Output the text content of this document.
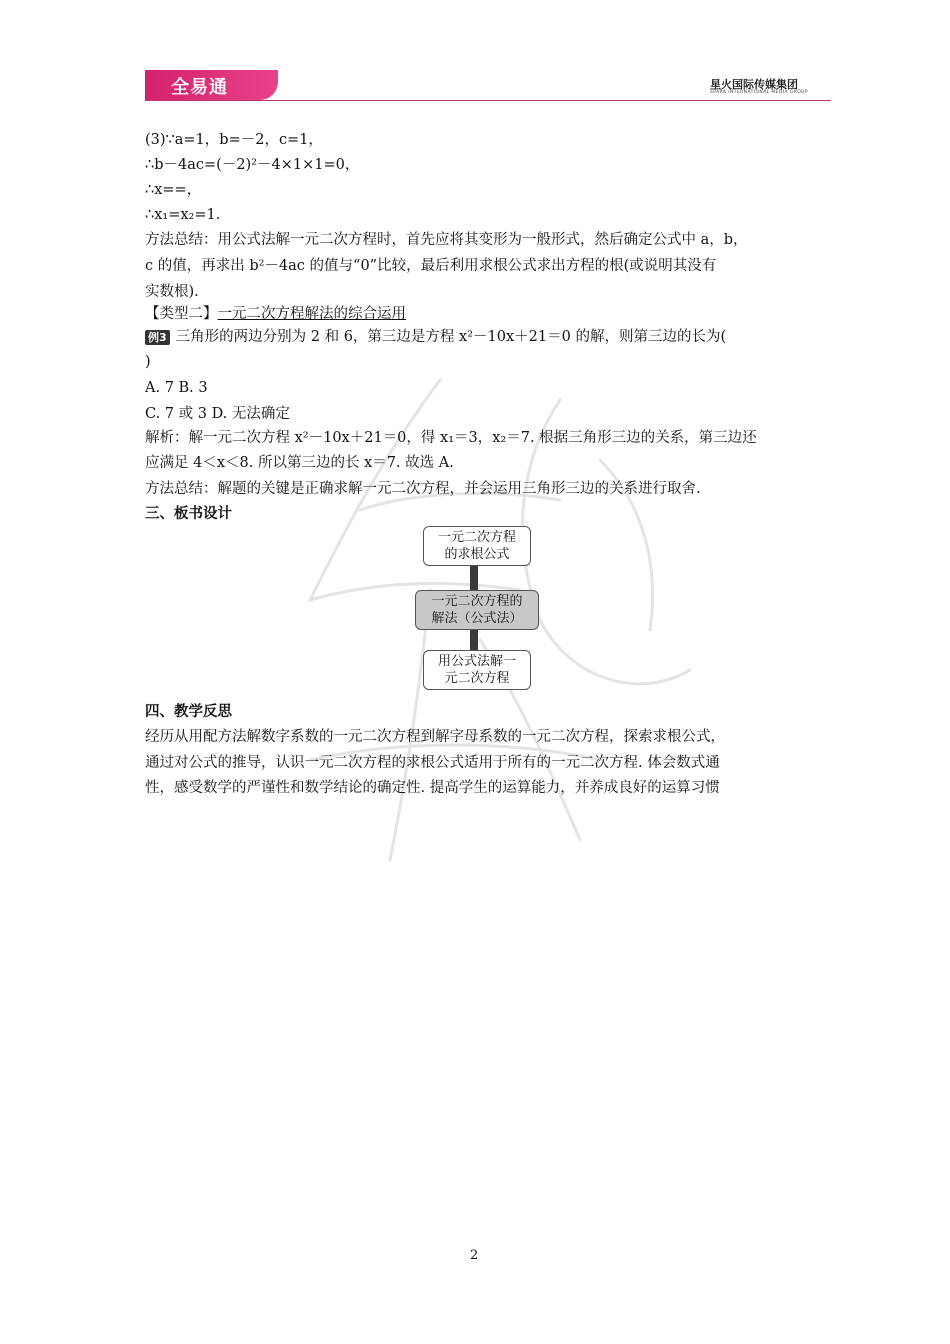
全易通	星火国际传媒集团
SPARK INTERNATIONAL MEDIA GROUP
(3)∵a=1，b=－2，c=1，
∴b－4ac=(－2)²－4×1×1=0，
∴x==，
∴x₁=x₂=1.
方法总结：用公式法解一元二次方程时，首先应将其变形为一般形式，然后确定公式中 a，b，
c 的值，再求出 b²－4ac 的值与“0”比较，最后利用求根公式求出方程的根(或说明其没有
实数根).
【类型二】一元二次方程解法的综合运用
例3 三角形的两边分别为 2 和 6，第三边是方程 x²－10x＋21＝0 的解，则第三边的长为(
)
A. 7 B. 3
C. 7 或 3 D. 无法确定
解析：解一元二次方程 x²－10x＋21＝0，得 x₁＝3，x₂＝7. 根据三角形三边的关系，第三边还
应满足 4＜x＜8. 所以第三边的长 x＝7. 故选 A.
方法总结：解题的关键是正确求解一元二次方程，并会运用三角形三边的关系进行取舍.
三、板书设计
一元二次方程
的求根公式
一元二次方程的
解法（公式法）
用公式法解一
元二次方程
四、教学反思
经历从用配方法解数字系数的一元二次方程到解字母系数的一元二次方程，探索求根公式，
通过对公式的推导，认识一元二次方程的求根公式适用于所有的一元二次方程. 体会数式通
性，感受数学的严谨性和数学结论的确定性. 提高学生的运算能力，并养成良好的运算习惯
2
